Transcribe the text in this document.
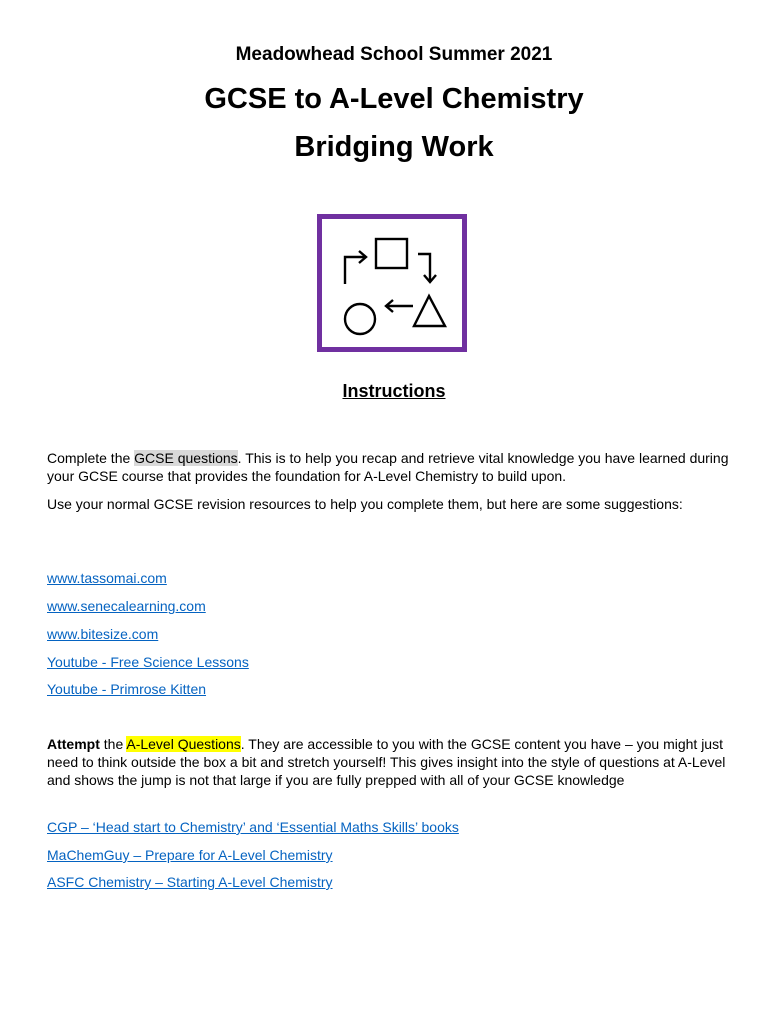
Meadowhead School Summer 2021
GCSE to A-Level Chemistry
Bridging Work
Instructions
Complete the GCSE questions. This is to help you recap and retrieve vital knowledge you have learned during your GCSE course that provides the foundation for A-Level Chemistry to build upon.
Use your normal GCSE revision resources to help you complete them, but here are some suggestions:
www.tassomai.com
www.senecalearning.com
www.bitesize.com
Youtube - Free Science Lessons
Youtube - Primrose Kitten
Attempt the A-Level Questions. They are accessible to you with the GCSE content you have – you might just need to think outside the box a bit and stretch yourself! This gives insight into the style of questions at A-Level and shows the jump is not that large if you are fully prepped with all of your GCSE knowledge
CGP – ‘Head start to Chemistry’ and ‘Essential Maths Skills’ books
MaChemGuy – Prepare for A-Level Chemistry
ASFC Chemistry – Starting A-Level Chemistry
